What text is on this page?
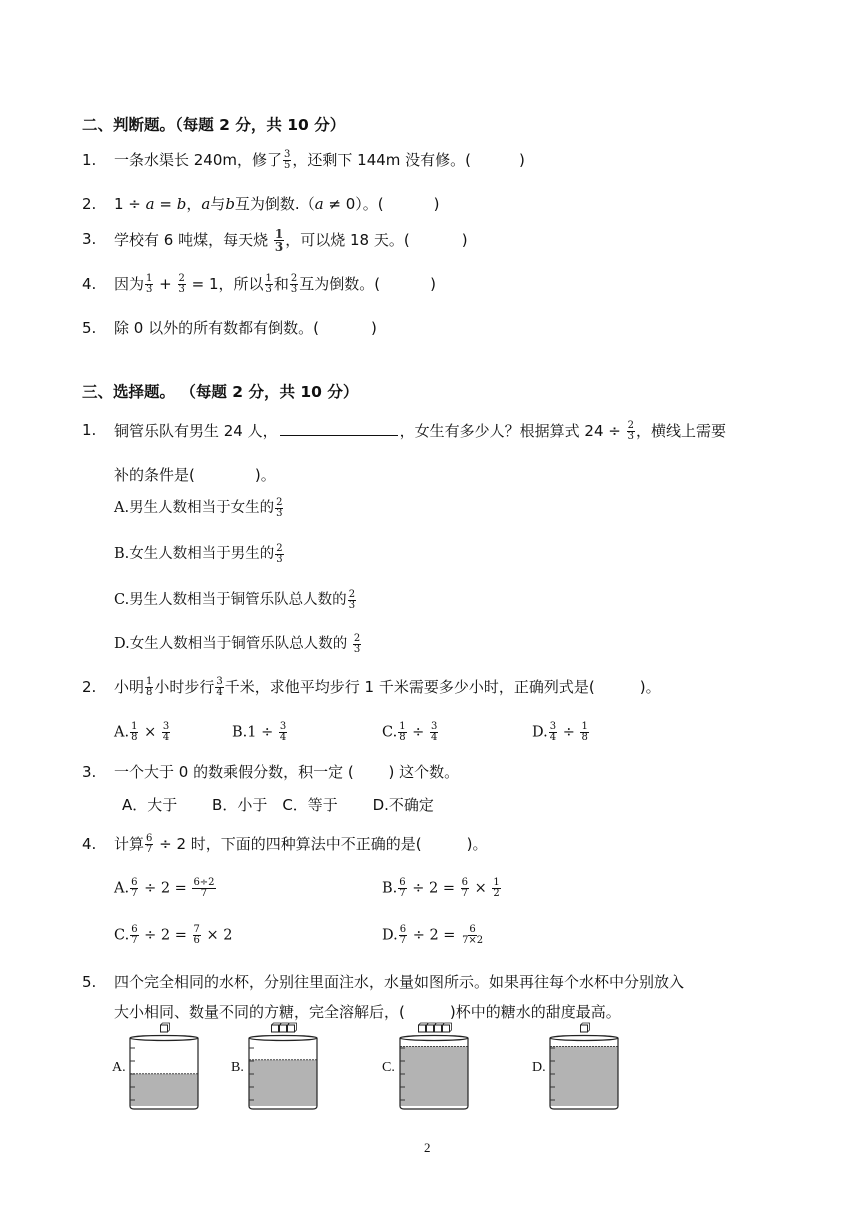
二、判断题。（每题 2 分，共 10 分）
1. 一条水渠长 240m，修了 $\frac{3}{5}$ ，还剩下 144m 没有修。(	)
2. 1 ÷ a = b，a与b互为倒数.（a ≠ 0）。(	)
3. 学校有 6 吨煤，每天烧 $\frac{1}{3}$ ，可以烧 18 天。(	)
4. 因为 $\frac{1}{3} + \frac{2}{3} = 1$，所以 $\frac{1}{3}$ 和 $\frac{2}{3}$ 互为倒数。(	)
5. 除 0 以外的所有数都有倒数。(	)
三、选择题。 （每题 2 分，共 10 分）
1. 铜管乐队有男生 24 人，	，女生有多少人？根据算式 $24 \div \frac{2}{3}$ ，横线上需要
补的条件是(　　　　)。
A.男生人数相当于女生的 $\frac{2}{3}$
B.女生人数相当于男生的 $\frac{2}{3}$
C.男生人数相当于铜管乐队总人数的 $\frac{2}{3}$
D.女生人数相当于铜管乐队总人数的 $\frac{2}{3}$
2. 小明 $\frac{1}{8}$ 小时步行 $\frac{3}{4}$ 千米，求他平均步行 1 千米需要多少小时，正确列式是(　　　)。
A. $\frac{1}{8} \times \frac{3}{4}$	$B.1 \div \frac{3}{4}$	C. $\frac{1}{8} \div \frac{3}{4}$	D. $\frac{3}{4} \div \frac{1}{8}$
3. 一个大于 0 的数乘假分数，积一定 (　　 ) 这个数。
A．大于　　 B．小于　C．等于　　 D.不确定
4. 计算 $\frac{6}{7} \div 2$ 时，下面的四种算法中不正确的是(　　　)。
A. $\frac{6}{7} \div 2 = \frac{6\div 2}{7}$	B. $\frac{6}{7} \div 2 = \frac{6}{7} \times \frac{1}{2}$
C. $\frac{6}{7} \div 2 = \frac{7}{6} \times 2$	D. $\frac{6}{7} \div 2 = \frac{6}{7\times 2}$
5. 四个完全相同的水杯，分别往里面注水，水量如图所示。如果再往每个水杯中分别放入
大小相同、数量不同的方糖，完全溶解后，(　　　)杯中的糖水的甜度最高。
A.	B.	C.	D.
2
